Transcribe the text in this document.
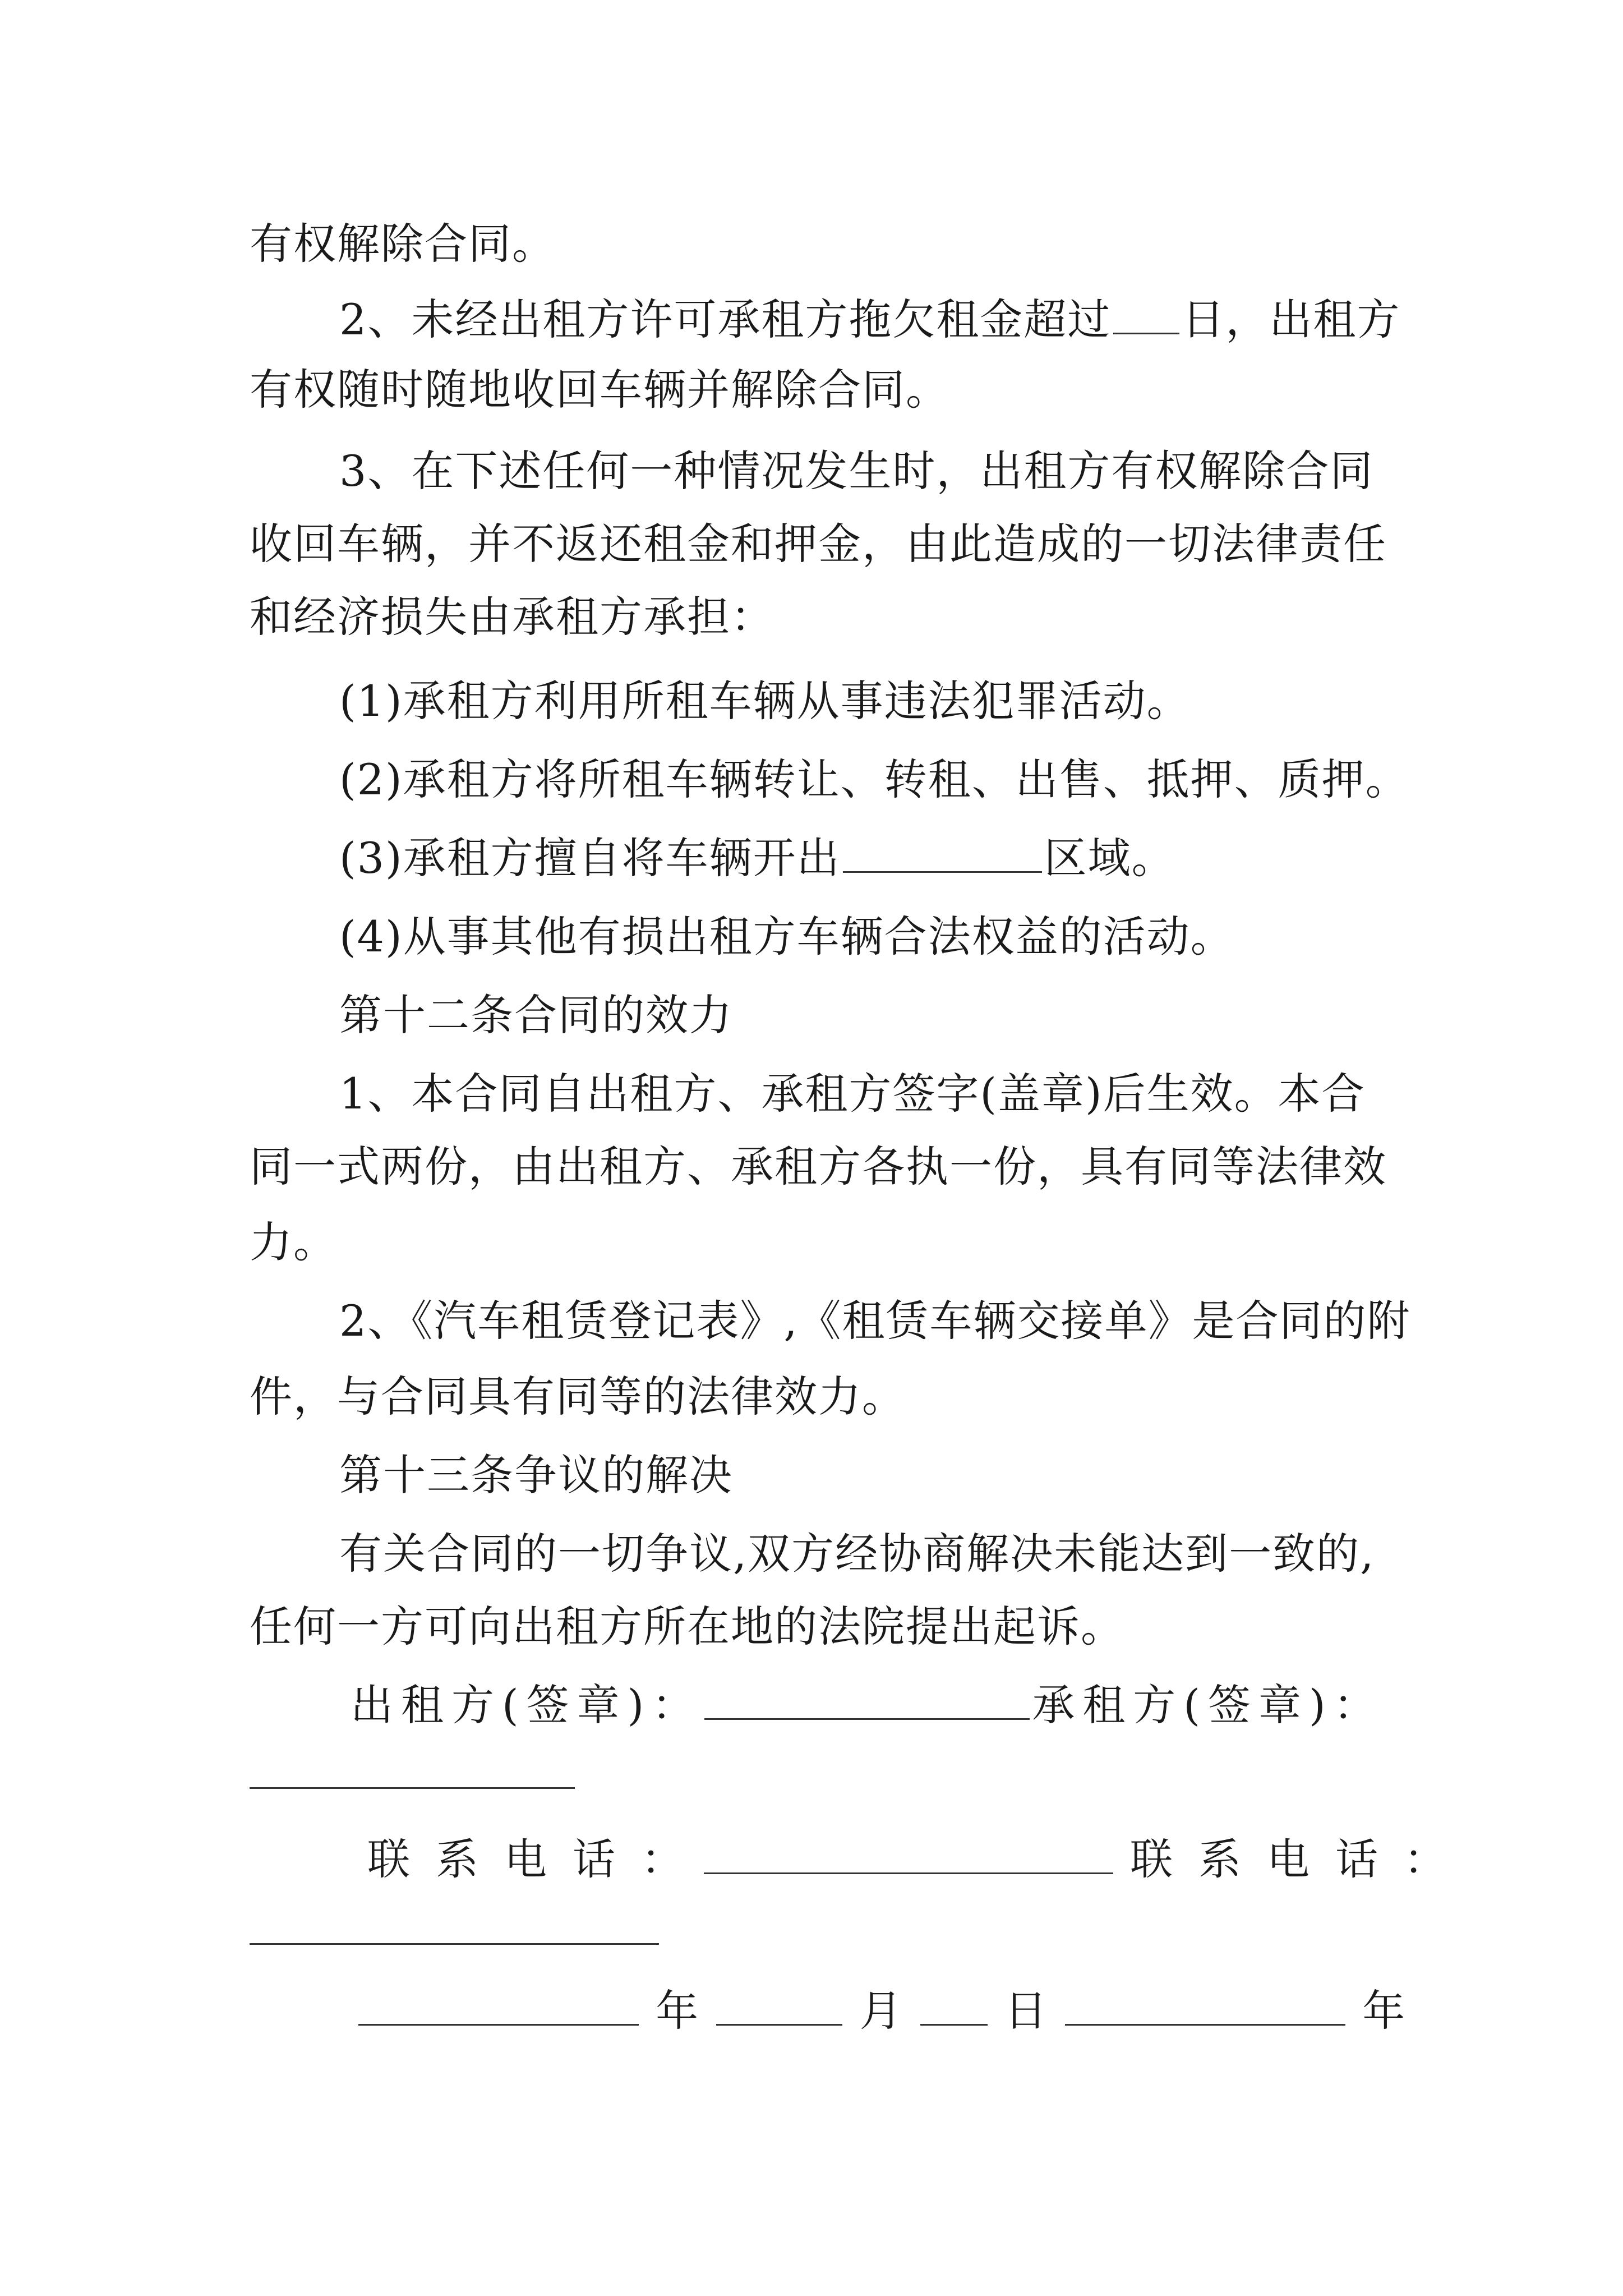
有权解除合同。
2、未经出租方许可承租方拖欠租金超过 日，出租方
有权随时随地收回车辆并解除合同。
3、在下述任何一种情况发生时，出租方有权解除合同
收回车辆，并不返还租金和押金，由此造成的一切法律责任
和经济损失由承租方承担：
(1)承租方利用所租车辆从事违法犯罪活动。
(2)承租方将所租车辆转让、转租、出售、抵押、质押。
(3)承租方擅自将车辆开出	区域。
(4)从事其他有损出租方车辆合法权益的活动。
第十二条合同的效力
1、本合同自出租方、承租方签字(盖章)后生效。本合
同一式两份，由出租方、承租方各执一份，具有同等法律效
力。
2、《汽车租赁登记表》,《租赁车辆交接单》是合同的附
件，与合同具有同等的法律效力。
第十三条争议的解决
有关合同的一切争议,双方经协商解决未能达到一致的,
任何一方可向出租方所在地的法院提出起诉。
出租方(签章)：	承租方(签章)：
联系电话：	联系电话：
年	月 日	年
